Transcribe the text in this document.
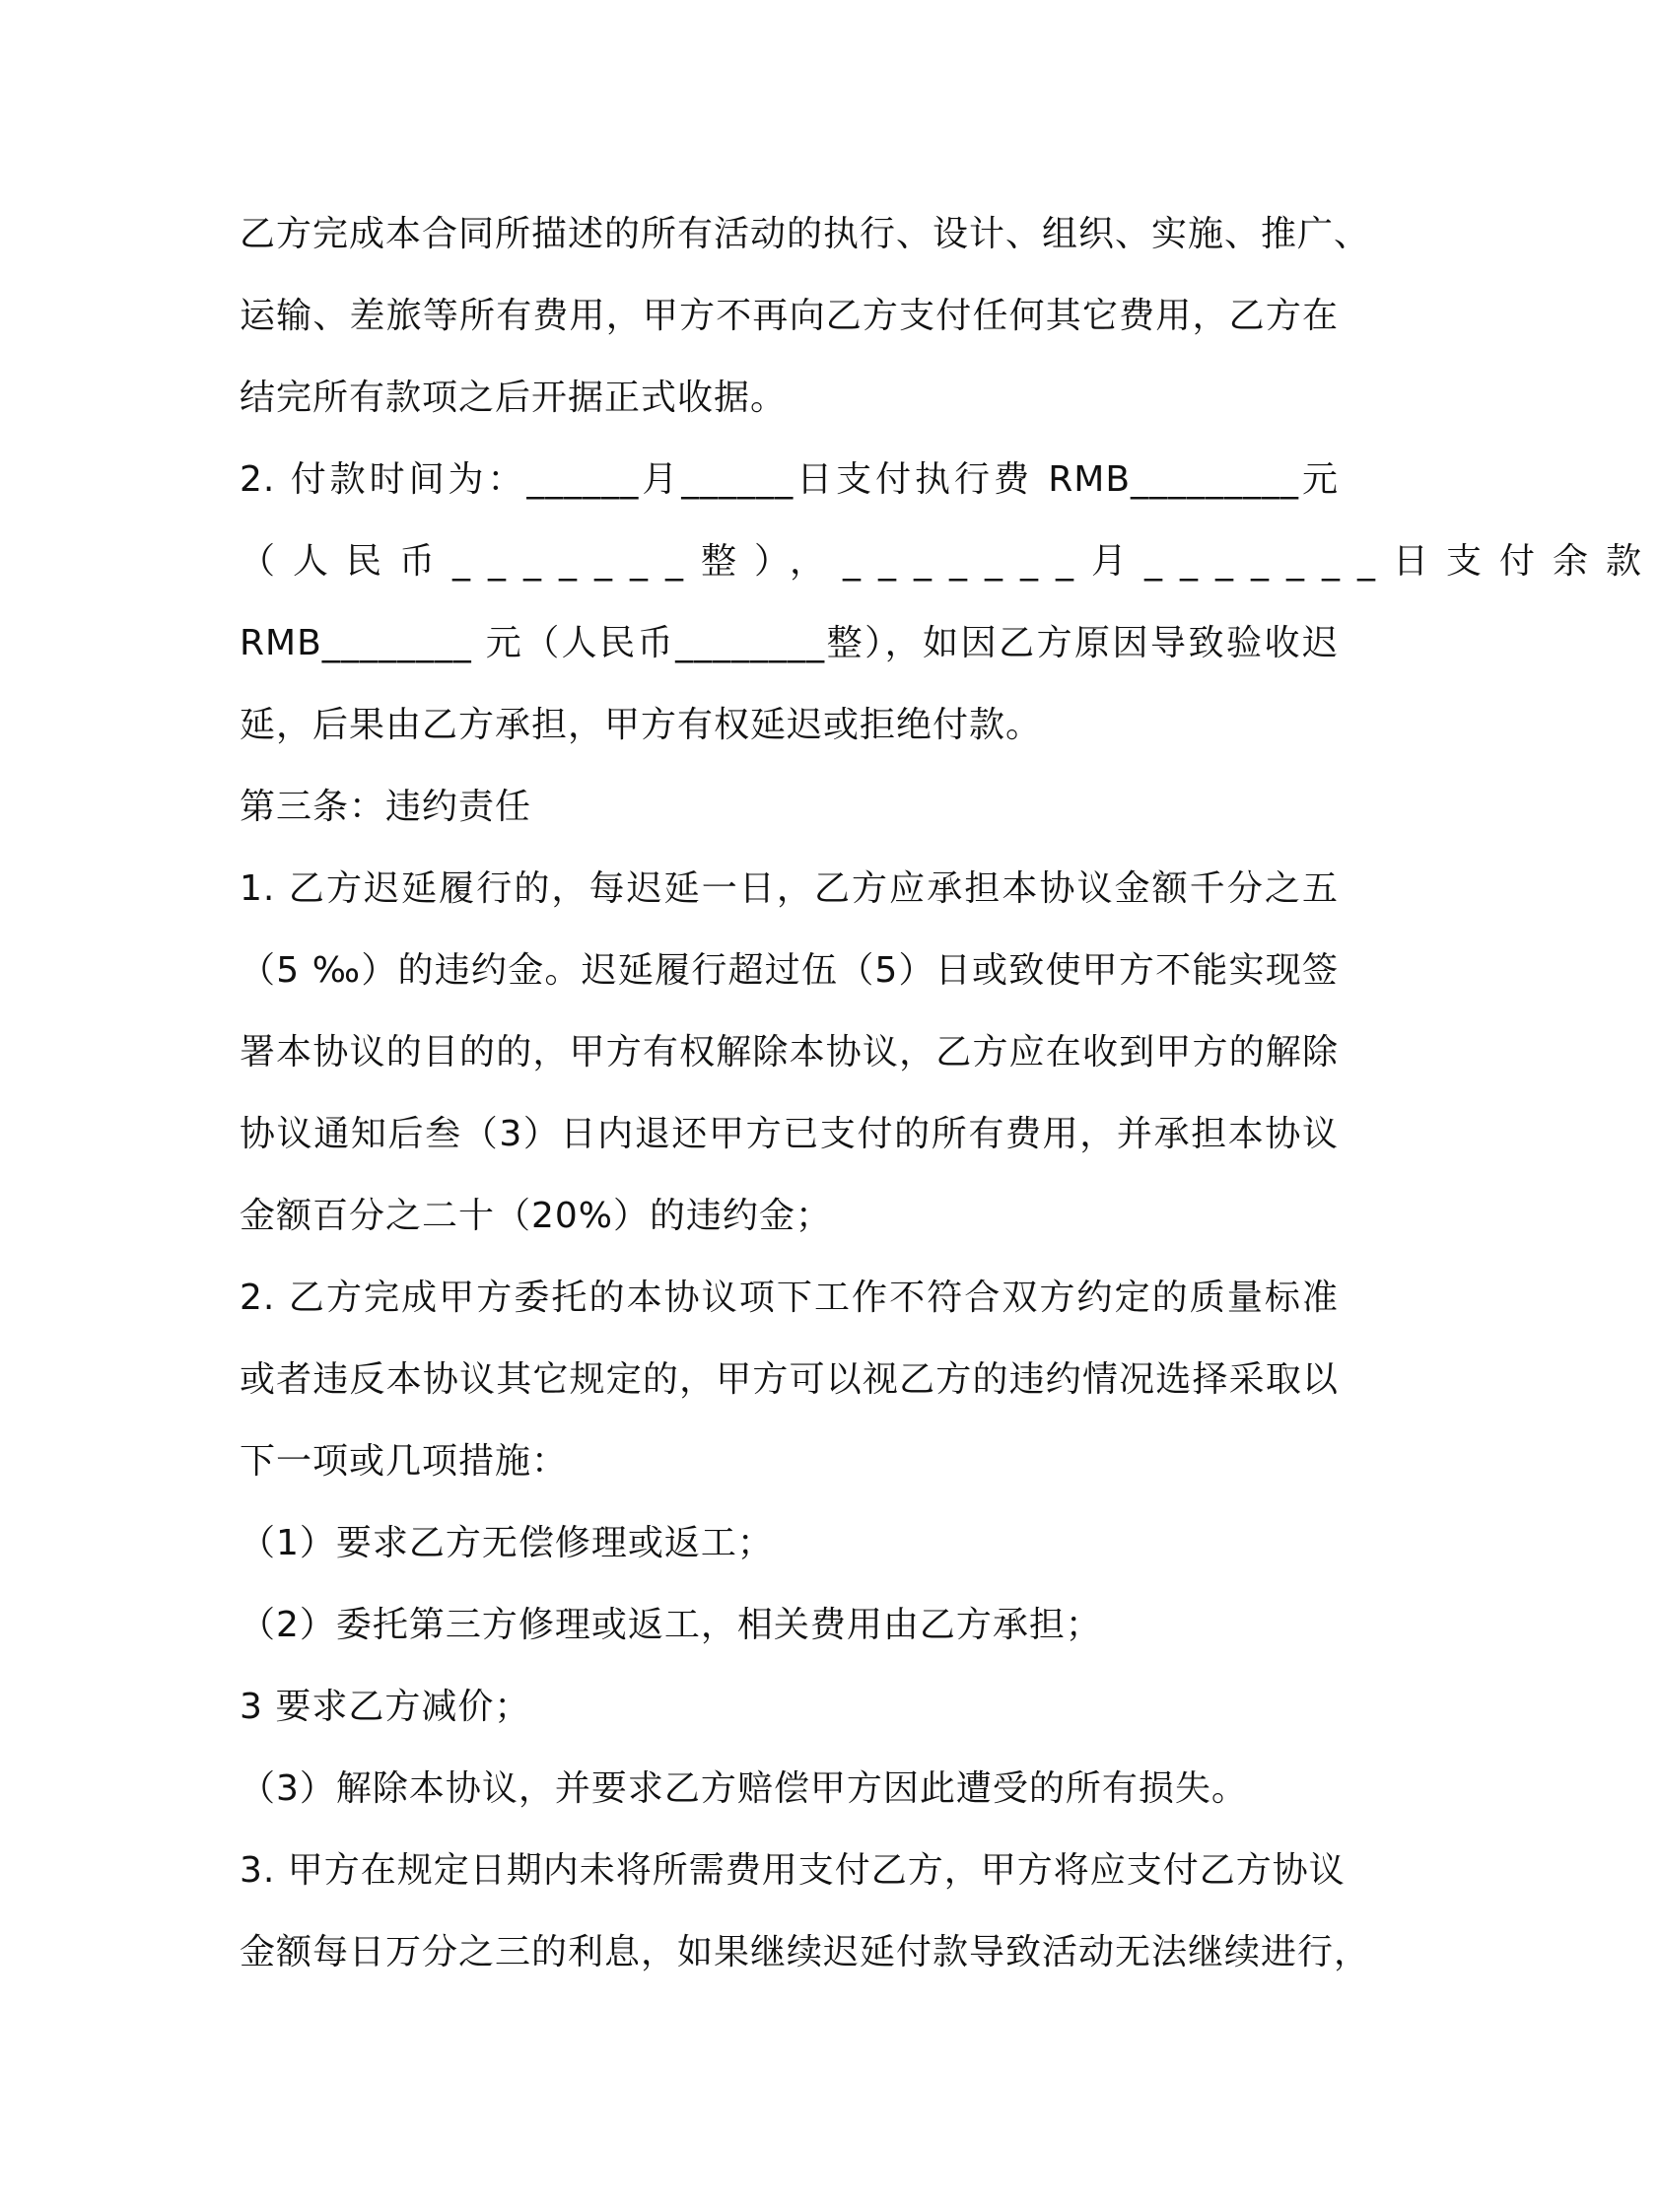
乙方完成本合同所描述的所有活动的执行、设计、组织、实施、推广、
运输、差旅等所有费用，甲方不再向乙方支付任何其它费用，乙方在
结完所有款项之后开据正式收据。
2. 付款时间为：______月______日支付执行费 RMB_________元
（人民币_______整），_______月_______日支付余款
RMB________ 元（人民币________整），如因乙方原因导致验收迟
延，后果由乙方承担，甲方有权延迟或拒绝付款。
第三条：违约责任
1. 乙方迟延履行的，每迟延一日，乙方应承担本协议金额千分之五
（5 ‰）的违约金。迟延履行超过伍（5）日或致使甲方不能实现签
署本协议的目的的，甲方有权解除本协议，乙方应在收到甲方的解除
协议通知后叁（3）日内退还甲方已支付的所有费用，并承担本协议
金额百分之二十（20%）的违约金；
2. 乙方完成甲方委托的本协议项下工作不符合双方约定的质量标准
或者违反本协议其它规定的，甲方可以视乙方的违约情况选择采取以
下一项或几项措施：
（1）要求乙方无偿修理或返工；
（2）委托第三方修理或返工，相关费用由乙方承担；
3 要求乙方减价；
（3）解除本协议，并要求乙方赔偿甲方因此遭受的所有损失。
3. 甲方在规定日期内未将所需费用支付乙方，甲方将应支付乙方协议
金额每日万分之三的利息，如果继续迟延付款导致活动无法继续进行，
